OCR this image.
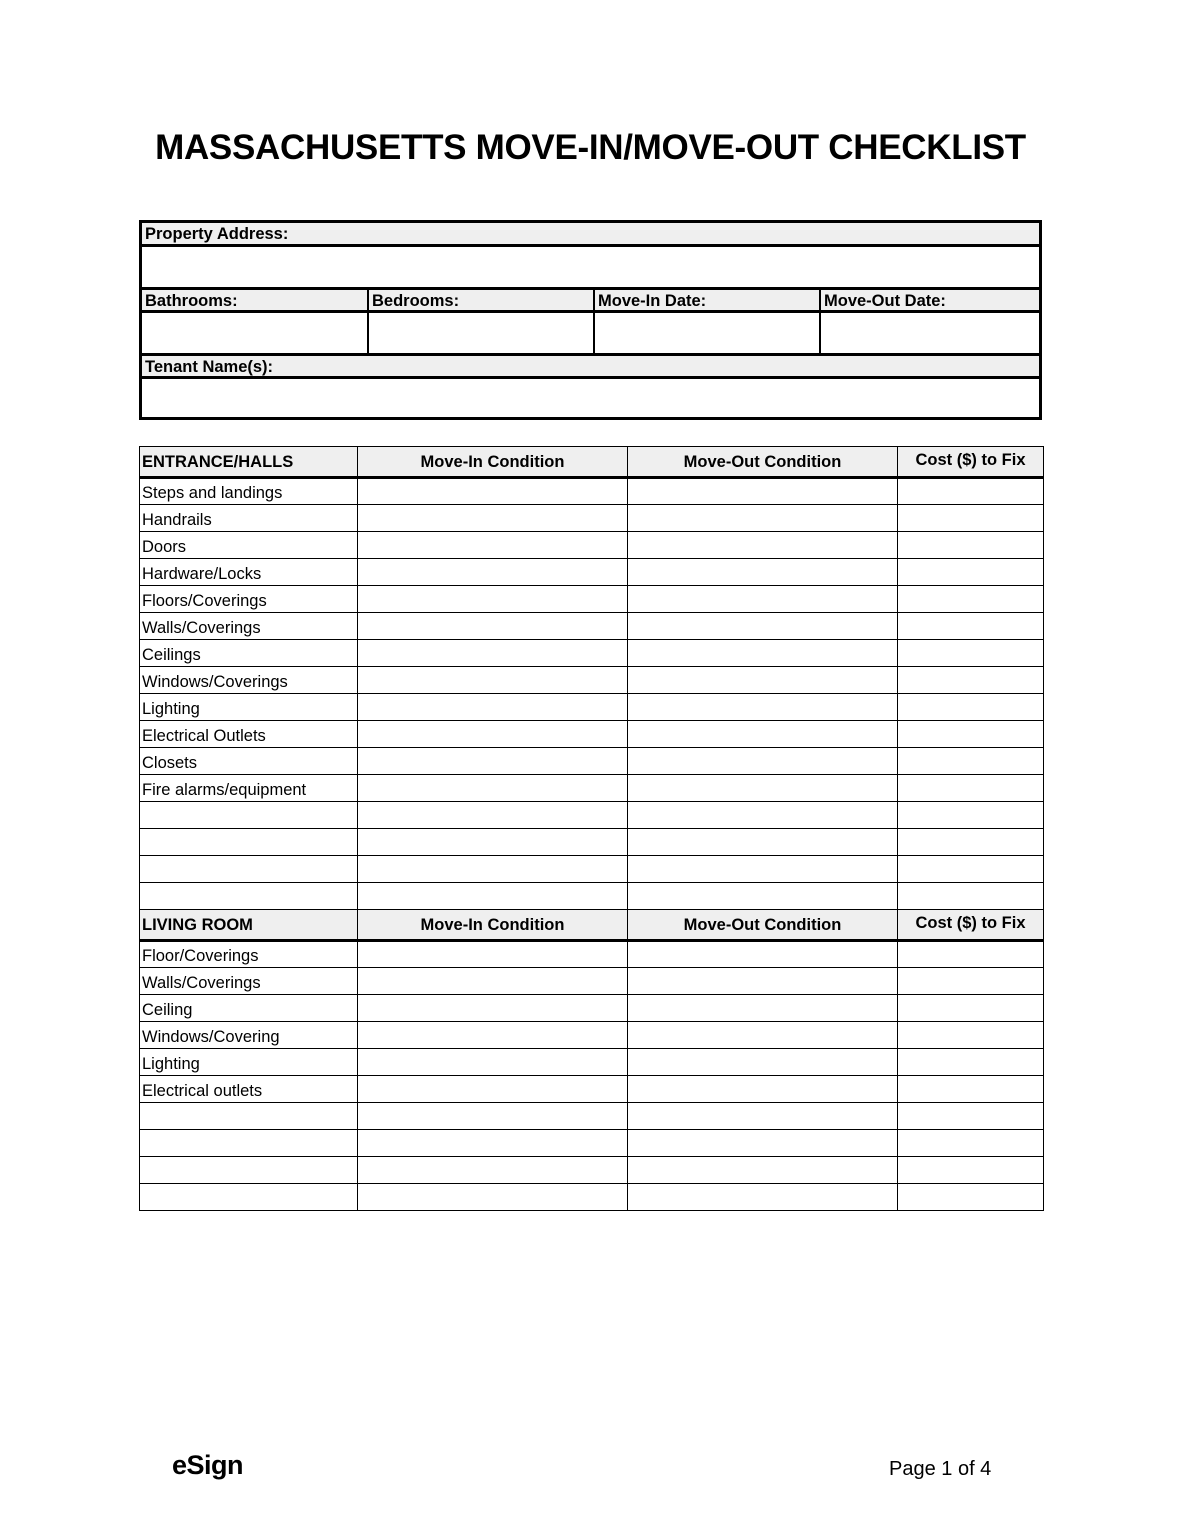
MASSACHUSETTS MOVE-IN/MOVE-OUT CHECKLIST
Property Address:
Bathrooms:	Bedrooms:	Move-In Date:	Move-Out Date:
Tenant Name(s):
ENTRANCE/HALLS	Move-In Condition	Move-Out Condition	Cost ($) to Fix
Steps and landings			
Handrails			
Doors			
Hardware/Locks			
Floors/Coverings			
Walls/Coverings			
Ceilings			
Windows/Coverings			
Lighting			
Electrical Outlets			
Closets			
Fire alarms/equipment			

LIVING ROOM	Move-In Condition	Move-Out Condition	Cost ($) to Fix
Floor/Coverings			
Walls/Coverings			
Ceiling			
Windows/Covering			
Lighting			
Electrical outlets			

eSign	Page 1 of 4
